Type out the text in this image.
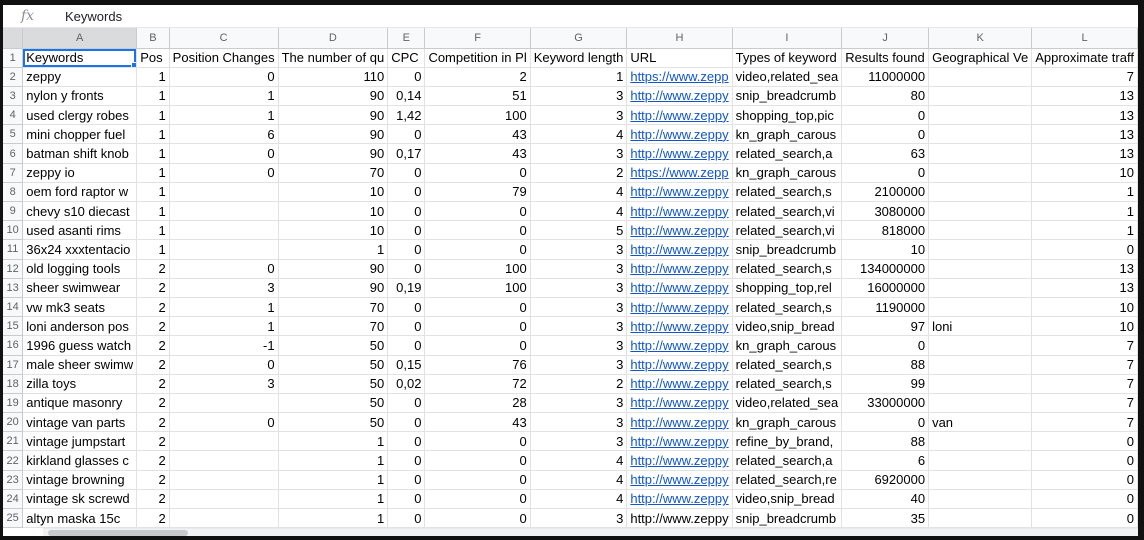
fx	Keywords
	A	B	C	D	E	F	G	H	I	J	K	L
1	Keywords	Pos	Position Changes	The number of qu	CPC	Competition in Pl	Keyword length	URL	Types of keyword	Results found	Geographical Ve	Approximate traff
2	zeppy	1	0	110	0	2	1	https://www.zepp	video,related_sea	11000000		7
3	nylon y fronts	1	1	90	0,14	51	3	http://www.zeppy	snip_breadcrumb	80		13
4	used clergy robes	1	1	90	1,42	100	3	http://www.zeppy	shopping_top,pic	0		13
5	mini chopper fuel	1	6	90	0	43	4	http://www.zeppy	kn_graph_carous	0		13
6	batman shift knob	1	0	90	0,17	43	3	http://www.zeppy	related_search,a	63		13
7	zeppy io	1	0	70	0	0	2	https://www.zepp	kn_graph_carous	0		10
8	oem ford raptor w	1		10	0	79	4	http://www.zeppy	related_search,s	2100000		1
9	chevy s10 diecast	1		10	0	0	4	http://www.zeppy	related_search,vi	3080000		1
10	used asanti rims	1		10	0	0	5	http://www.zeppy	related_search,vi	818000		1
11	36x24 xxxtentacio	1		1	0	0	3	http://www.zeppy	snip_breadcrumb	10		0
12	old logging tools	2	0	90	0	100	3	http://www.zeppy	related_search,s	134000000		13
13	sheer swimwear	2	3	90	0,19	100	3	http://www.zeppy	shopping_top,rel	16000000		13
14	vw mk3 seats	2	1	70	0	0	3	http://www.zeppy	related_search,s	1190000		10
15	loni anderson pos	2	1	70	0	0	3	http://www.zeppy	video,snip_bread	97	loni	10
16	1996 guess watch	2	-1	50	0	0	3	http://www.zeppy	kn_graph_carous	0		7
17	male sheer swimw	2	0	50	0,15	76	3	http://www.zeppy	related_search,s	88		7
18	zilla toys	2	3	50	0,02	72	2	http://www.zeppy	related_search,s	99		7
19	antique masonry	2		50	0	28	3	http://www.zeppy	video,related_sea	33000000		7
20	vintage van parts	2	0	50	0	43	3	http://www.zeppy	kn_graph_carous	0	van	7
21	vintage jumpstart	2		1	0	0	3	http://www.zeppy	refine_by_brand,	88		0
22	kirkland glasses c	2		1	0	0	4	http://www.zeppy	related_search,a	6		0
23	vintage browning	2		1	0	0	4	http://www.zeppy	related_search,re	6920000		0
24	vintage sk screwd	2		1	0	0	4	http://www.zeppy	video,snip_bread	40		0
25	altyn maska 15c	2		1	0	0	3	http://www.zeppy	snip_breadcrumb	35		0
